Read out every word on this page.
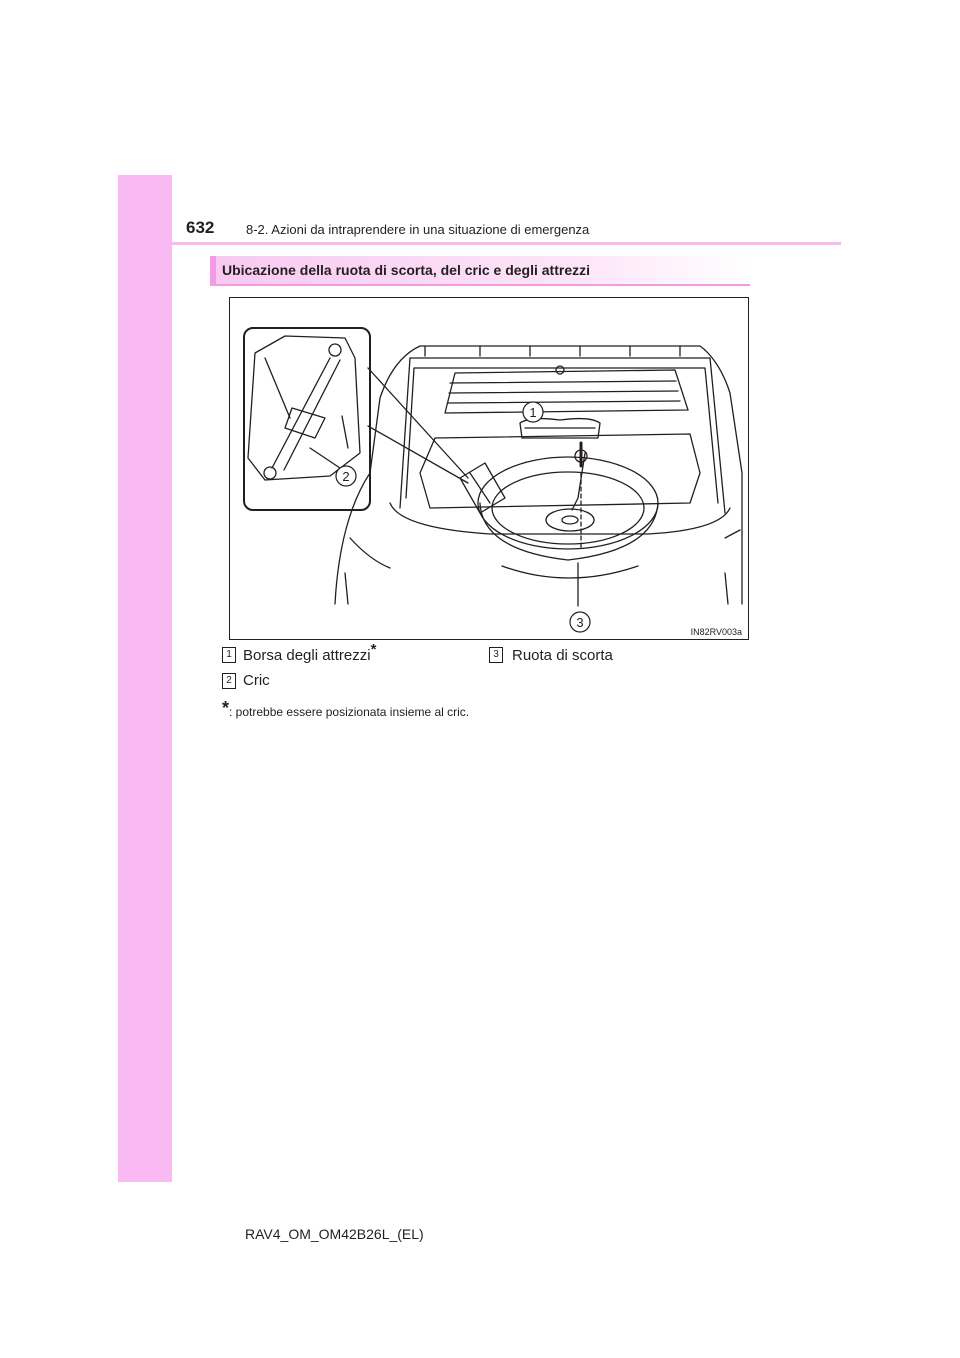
632 8-2. Azioni da intraprendere in una situazione di emergenza
Ubicazione della ruota di scorta, del cric e degli attrezzi
1
2
3
IN82RV003a
1 Borsa degli attrezzi*	3 Ruota di scorta
2 Cric
*: potrebbe essere posizionata insieme al cric.
RAV4_OM_OM42B26L_(EL)
